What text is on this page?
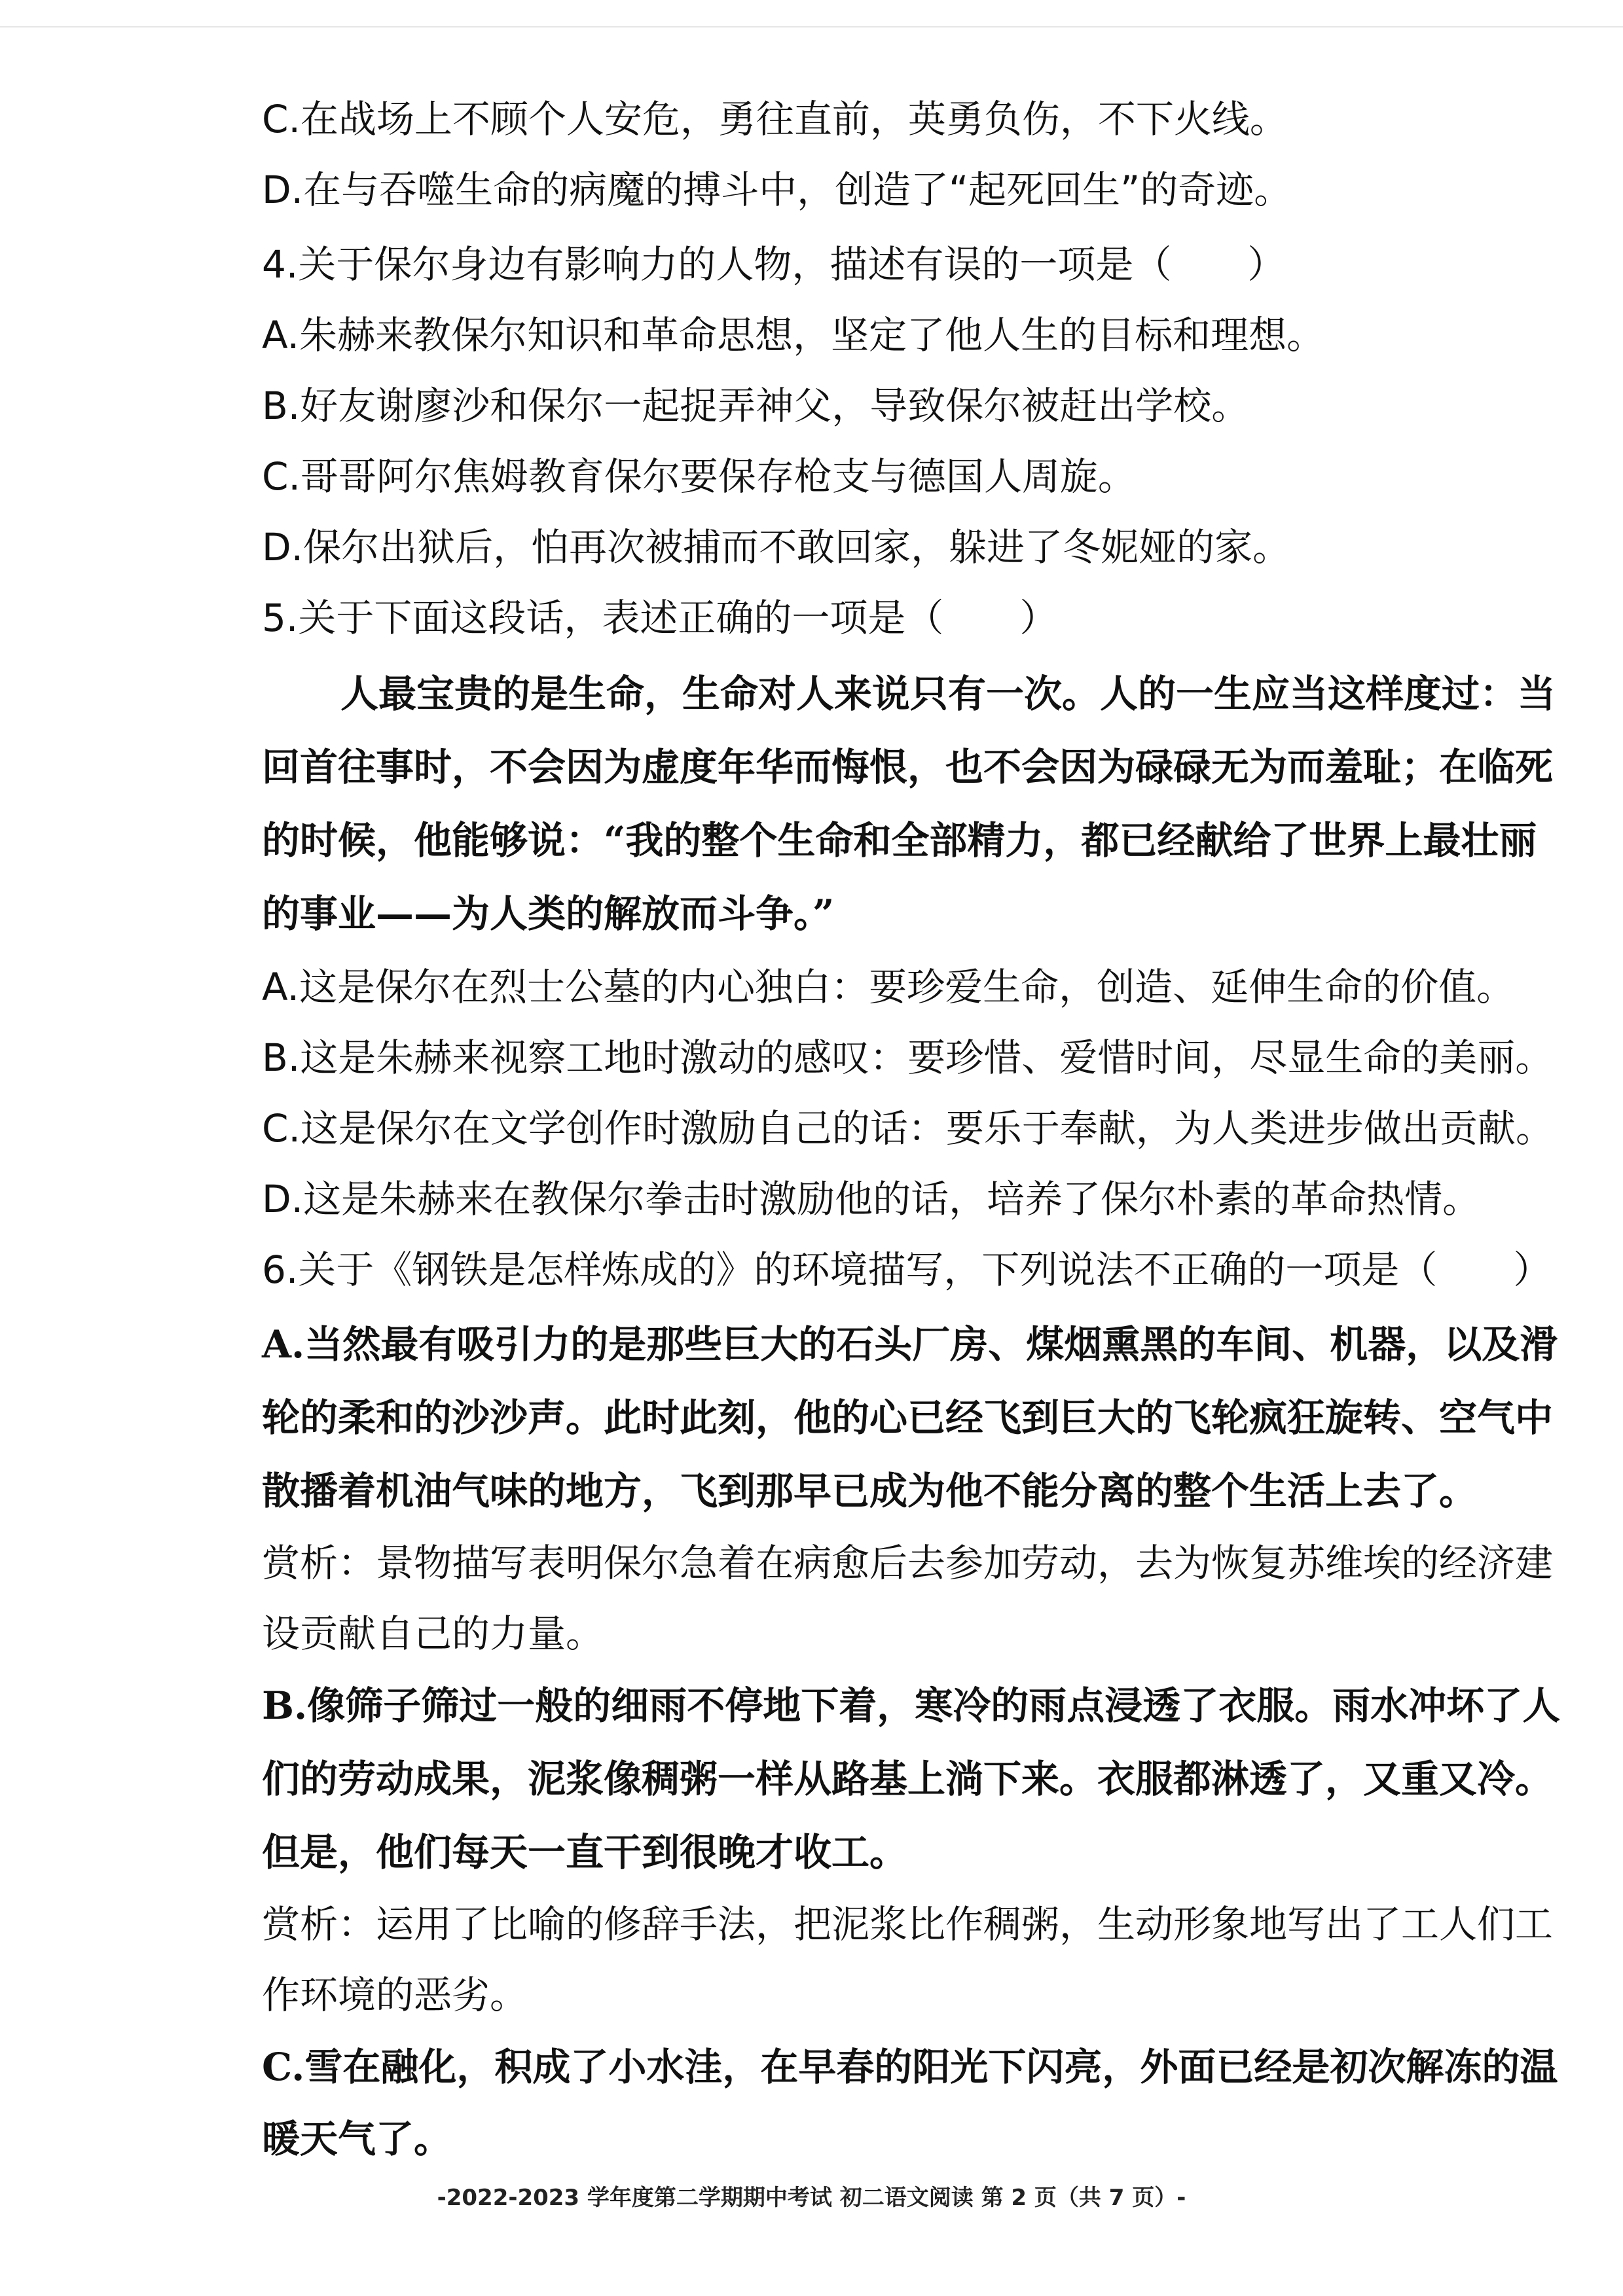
C.在战场上不顾个人安危，勇往直前，英勇负伤，不下火线。
D.在与吞噬生命的病魔的搏斗中，创造了“起死回生”的奇迹。
4.关于保尔身边有影响力的人物，描述有误的一项是（　　）
A.朱赫来教保尔知识和革命思想，坚定了他人生的目标和理想。
B.好友谢廖沙和保尔一起捉弄神父，导致保尔被赶出学校。
C.哥哥阿尔焦姆教育保尔要保存枪支与德国人周旋。
D.保尔出狱后，怕再次被捕而不敢回家，躲进了冬妮娅的家。
5.关于下面这段话，表述正确的一项是（　　）
人最宝贵的是生命，生命对人来说只有一次。人的一生应当这样度过：当
回首往事时，不会因为虚度年华而悔恨，也不会因为碌碌无为而羞耻；在临死
的时候，他能够说：“我的整个生命和全部精力，都已经献给了世界上最壮丽
的事业——为人类的解放而斗争。”
A.这是保尔在烈士公墓的内心独白：要珍爱生命，创造、延伸生命的价值。
B.这是朱赫来视察工地时激动的感叹：要珍惜、爱惜时间，尽显生命的美丽。
C.这是保尔在文学创作时激励自己的话：要乐于奉献，为人类进步做出贡献。
D.这是朱赫来在教保尔拳击时激励他的话，培养了保尔朴素的革命热情。
6.关于《钢铁是怎样炼成的》的环境描写，下列说法不正确的一项是（　　）
A.当然最有吸引力的是那些巨大的石头厂房、煤烟熏黑的车间、机器，以及滑
轮的柔和的沙沙声。此时此刻，他的心已经飞到巨大的飞轮疯狂旋转、空气中
散播着机油气味的地方，飞到那早已成为他不能分离的整个生活上去了。
赏析：景物描写表明保尔急着在病愈后去参加劳动，去为恢复苏维埃的经济建
设贡献自己的力量。
B.像筛子筛过一般的细雨不停地下着，寒冷的雨点浸透了衣服。雨水冲坏了人
们的劳动成果，泥浆像稠粥一样从路基上淌下来。衣服都淋透了，又重又冷。
但是，他们每天一直干到很晚才收工。
赏析：运用了比喻的修辞手法，把泥浆比作稠粥，生动形象地写出了工人们工
作环境的恶劣。
C.雪在融化，积成了小水洼，在早春的阳光下闪亮，外面已经是初次解冻的温
暖天气了。
-2022-2023 学年度第二学期期中考试 初二语文阅读 第 2 页（共 7 页）-
